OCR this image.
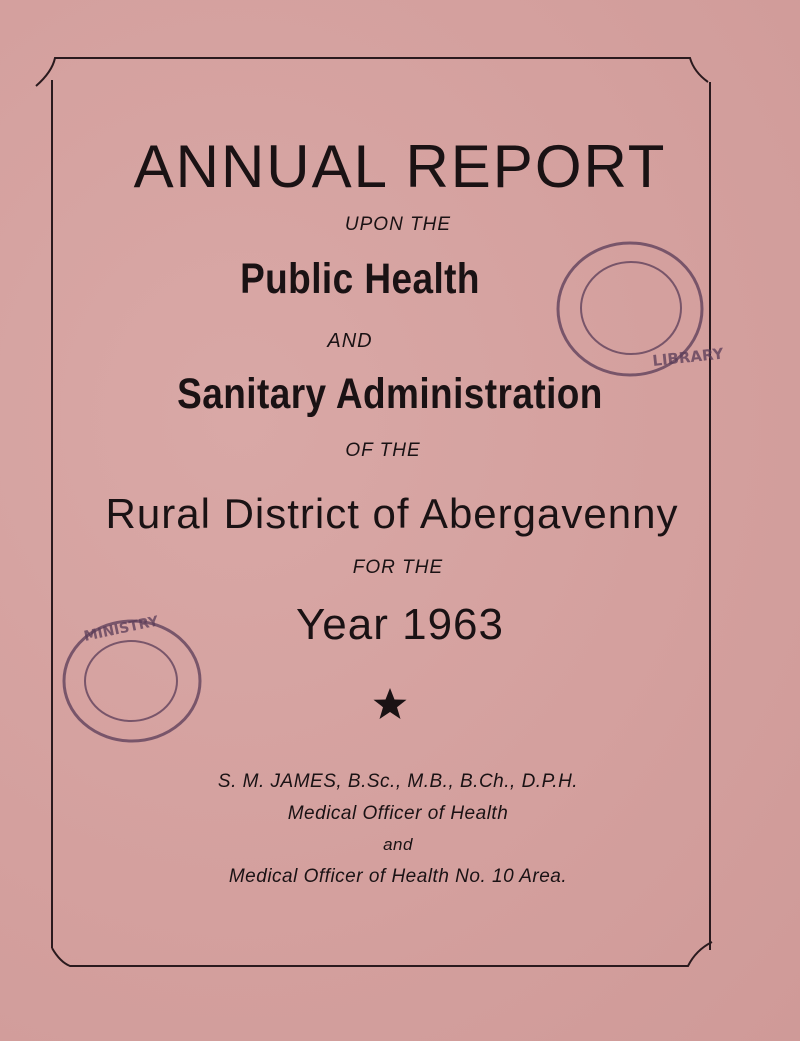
LIBRARY
MINISTRY
ANNUAL REPORT
UPON THE
Public Health
AND
Sanitary Administration
OF THE
Rural District of Abergavenny
FOR THE
Year 1963
S. M. JAMES, B.Sc., M.B., B.Ch., D.P.H.
Medical Officer of Health
and
Medical Officer of Health No. 10 Area.
